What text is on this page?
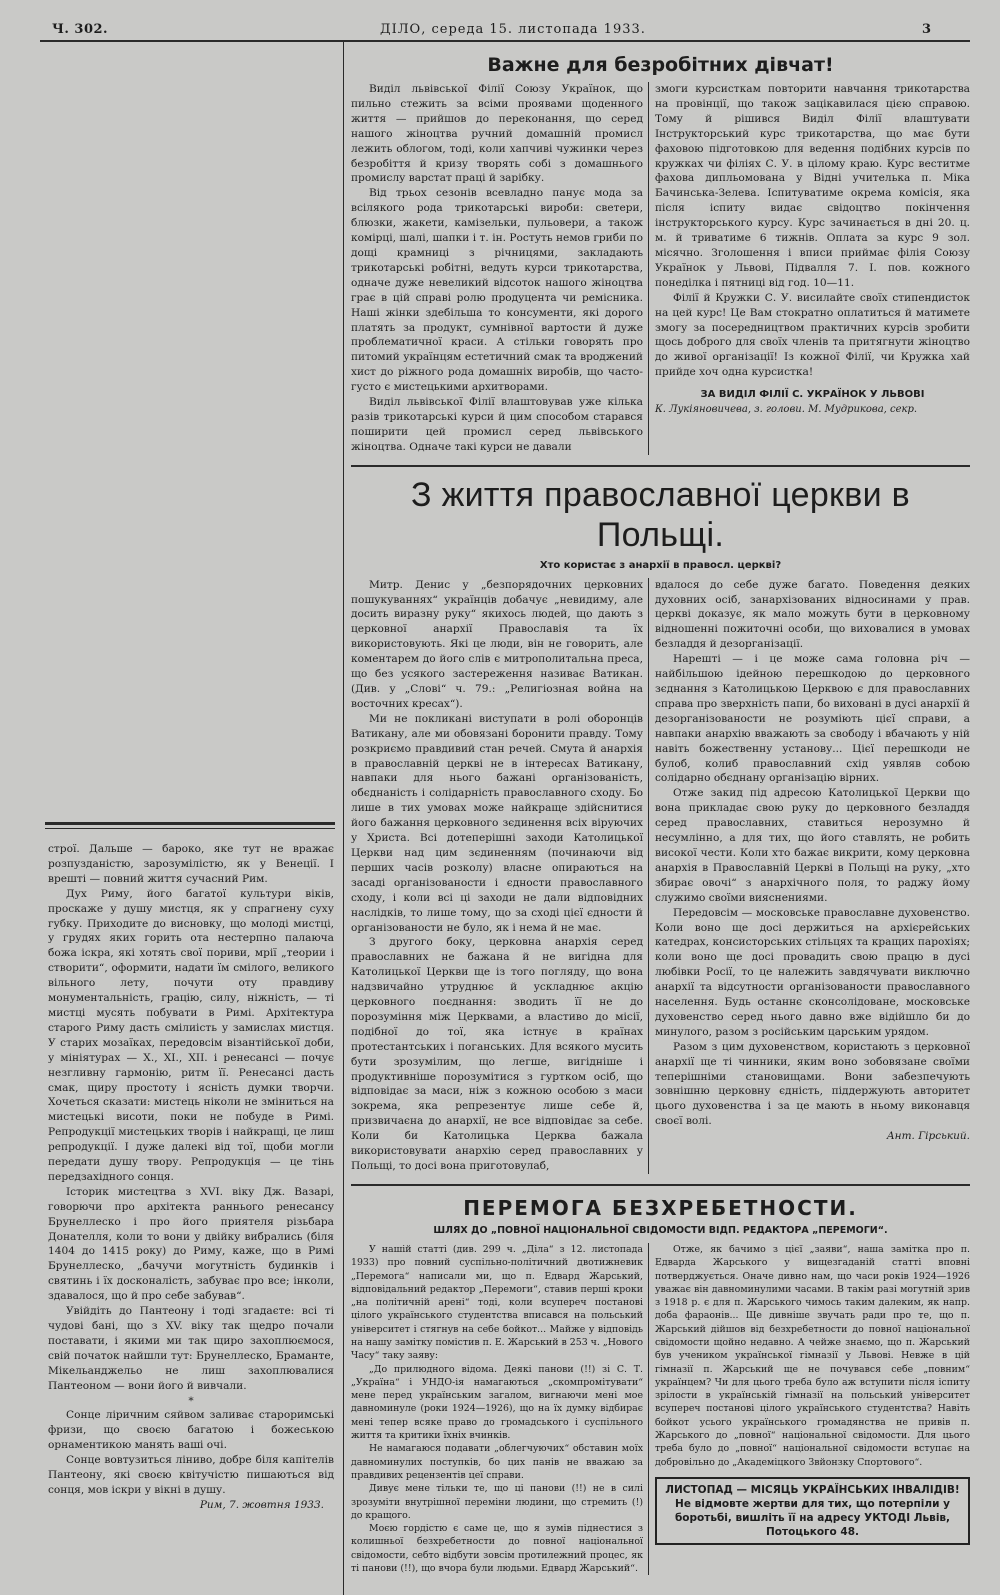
Ч. 302.	ДІЛО, середа 15. листопада 1933.	3

строї. Дальше — бароко, яке тут не вражає розпузданістю, зарозумілістю, як у Венеції. І врешті — повний життя сучасний Рим.

Дух Риму, його багатої культури віків, проскаже у душу мистця, як у спрагнену суху губку. Приходите до висновку, що молоді мистці, у грудях яких горить ота нестерпно палаюча божа іскра, які хотять свої пориви, мрії „теории і створити“, оформити, надати їм смілого, великого вільного лету, почути оту правдиву монументальність, грацію, силу, ніжність, — ті мистці мусять побувати в Римі. Архітектура старого Риму дасть смілиість у замислах мистця. У старих мозаїках, передовсім візантійської доби, у мініятурах — X., XI., XII. і ренесансі — почує незгливну гармонію, ритм її. Ренесансі дасть смак, щиру простоту і ясність думки творчи. Хочеться сказати: мистець ніколи не зміниться на мистецькі висоти, поки не побуде в Римі. Репродукції мистецьких творів і найкращі, це лиш репродукції. І дуже далекі від тої, щоби могли передати душу твору. Репродукція — це тінь передзахідного сонця.

Історик мистецтва з XVI. віку Дж. Вазарі, говорючи про архітекта раннього ренесансу Брунеллеско і про його приятеля різьбара Донателля, коли то вони у двійку вибрались (біля 1404 до 1415 року) до Риму, каже, що в Римі Брунеллеско, „бачучи могутність будинків і святинь і їх досконалість, забуває про все; інколи, здавалося, що й про себе забував“.

Увійдіть до Пантеону і тоді згадаєте: всі ті чудові бані, що з XV. віку так щедро почали поставати, і якими ми так щиро захоплюємося, свій початок найшли тут: Брунеллеско, Браманте, Мікельанджельо не лиш захоплювалися Пантеоном — вони його й вивчали.

*

Сонце ліричним сяйвом заливає староримські фризи, що своєю багатою і божеською орнаментикою манять ваші очі.

Сонце вовтузиться ліниво, добре біля капітелів Пантеону, які своєю квітучістю пишаються від сонця, мов іскри у вікні в душу.

Рим, 7. жовтня 1933.
Важне для безробітних дівчат!

Виділ львівської Філії Союзу Українок, що пильно стежить за всіми проявами щоденного життя — прийшов до переконання, що серед нашого жіноцтва ручний домашній промисл лежить облогом, тоді, коли хапчиві чужинки через безробіття й кризу творять собі з домашнього промислу варстат праці й зарібку.

Від трьох сезонів всевладно панує мода за всілякого рода трикотарські вироби: светери, блюзки, жакети, камізельки, пульовери, а також комірці, шалі, шапки і т. ін. Ростуть немов гриби по дощі крамниці з річницями, закладають трикотарські робітні, ведуть курси трикотарства, одначе дуже невеликий відсоток нашого жіноцтва грає в цій справі ролю продуцента чи ремісника. Наші жінки здебільша то консументи, які дорого платять за продукт, сумнівної вартости й дуже проблематичної краси. А стільки говорять про питомий українцям естетичний смак та вроджений хист до ріжного рода домашніх виробів, що часто-густо є мистецькими архитворами.

Виділ львівської Філії влаштовував уже кілька разів трикотарські курси й цим способом старався поширити цей промисл серед львівського жіноцтва. Одначе такі курси не давали

змоги курсисткам повторити навчання трикотарства на провінції, що також зацікавилася цією справою. Тому й рішився Виділ Філії влаштувати Інструкторський курс трикотарства, що має бути фаховою підготовкою для ведення подібних курсів по кружках чи філіях С. У. в цілому краю. Курс веститме фахова дипльомована у Відні учителька п. Міка Бачинська-Зелева. Іспитуватиме окрема комісія, яка після іспиту видає свідоцтво покінчення інструкторського курсу. Курс зачинається в дні 20. ц. м. й триватиме 6 тижнів. Оплата за курс 9 зол. місячно. Зголошення і вписи приймає філія Союзу Українок у Львові, Підвалля 7. І. пов. кожного понеділка і пятниці від год. 10—11.

Філії й Кружки С. У. висилайте своїх стипендисток на цей курс! Це Вам стократно оплатиться й матимете змогу за посередництвом практичних курсів зробити щось доброго для своїх членів та притягнути жіноцтво до живої організації! Із кожної Філії, чи Кружка хай прийде хоч одна курсистка!

ЗА ВИДІЛ ФІЛІЇ С. УКРАЇНОК У ЛЬВОВІ
К. Лукіяновичева, з. голови. М. Мудрикова, секр.
З життя православної церкви в Польщі.
Хто користає з анархії в правосл. церкві?

Митр. Денис у „безпорядочних церковних пошукуваннях“ українців добачує „невидиму, але досить виразну руку“ якихось людей, що дають з церковної анархії Православія та їх використовують. Які це люди, він не говорить, але коментарем до його слів є митрополитальна преса, що без усякого застереження називає Ватикан. (Див. у „Слові“ ч. 79.: „Религіозная война на восточних кресах“).

Ми не покликані виступати в ролі оборонців Ватикану, але ми обовязані боронити правду. Тому розкриємо правдивий стан речей. Смута й анархія в православній церкві не в інтересах Ватикану, навпаки для нього бажані організованість, обєднаність і солідарність православного сходу. Бо лише в тих умовах може найкраще здійснитися його бажання церковного зєдинення всіх віруючих у Христа. Всі дотеперішні заходи Католицької Церкви над цим зєдиненням (починаючи від перших часів розколу) власне опираються на засаді організованости і єдности православного сходу, і коли всі ці заходи не дали відповідних наслідків, то лише тому, що за сході цієї єдности й організованости не було, як і нема й не має.

З другого боку, церковна анархія серед православних не бажана й не вигідна для Католицької Церкви ще із того погляду, що вона надзвичайно утруднює й ускладнює акцію церковного поєднання: зводить її не до порозуміння між Церквами, а властиво до місії, подібної до тої, яка істнує в країнах протестантських і поганських. Для всякого мусить бути зрозумілим, що легше, вигідніше і продуктивніше порозумітися з гуртком осіб, що відповідає за маси, ніж з кожною особою з маси зокрема, яка репрезентує лише себе й, призвичаєна до анархії, не все відповідає за себе. Коли би Католицька Церква бажала використовувати анархію серед православних у Польщі, то досі вона приготовулаб,

вдалося до себе дуже багато. Поведення деяких духовних осіб, занархізованих відносинами у прав. церкві доказує, як мало можуть бути в церковному відношенні пожиточні особи, що виховалися в умовах безладдя й дезорганізації.

Нарешті — і це може сама головна річ — найбільшою ідейною перешкодою до церковного зєднання з Католицькою Церквою є для православних справа про зверхність папи, бо виховані в дусі анархії й дезорганізованости не розуміють цієї справи, а навпаки анархію вважають за свободу і вбачають у ній навіть божественну установу... Цієї перешкоди не булоб, колиб православний схід уявляв собою солідарно обєднану організацію вірних.

Отже закид під адресою Католицької Церкви що вона прикладає свою руку до церковного безладдя серед православних, ставиться нерозумно й несумлінно, а для тих, що його ставлять, не робить високої чести. Коли хто бажає викрити, кому церковна анархія в Православній Церкві в Польщі на руку, „хто збирає овочі“ з анархічного поля, то раджу йому служимо своїми вияснениями.

Передовсім — московське православне духовенство. Коли воно ще досі держиться на архієрейських катедрах, консисторських стільцях та кращих парохіях; коли воно ще досі провадить свою працю в дусі любівки Росії, то це належить завдячувати виключно анархії та відсутности організованости православного населення. Будь останнє сконсолідоване, московське духовенство серед нього давно вже відійшло би до минулого, разом з російським царським урядом.

Разом з цим духовенством, користають з церковної анархії ще ті чинники, яким воно зобовязане своїми теперішніми становищами. Вони забезпечують зовнішню церковну єдність, піддержують авторитет цього духовенства і за це мають в ньому виконавця своєї волі.

Ант. Гірський.
ПЕРЕМОГА БЕЗХРЕБЕТНОСТИ.
ШЛЯХ ДО „ПОВНОЇ НАЦІОНАЛЬНОЇ СВІДОМОСТИ ВІДП. РЕДАКТОРА „ПЕРЕМОГИ“.

У нашій статті (див. 299 ч. „Діла“ з 12. листопада 1933) про повний суспільно-політичний двотижневик „Перемога“ написали ми, що п. Едвард Жарський, відповідальний редактор „Перемоги“, ставив перші кроки „на політичній арені“ тоді, коли всупереч постанові цілого українського студентства вписався на польський університет і стягнув на себе бойкот... Майже у відповідь на нашу замітку помістив п. Е. Жарський в 253 ч. „Нового Часу“ таку заяву:

„До прилюдного відома. Деякі панови (!!) зі С. Т. „Україна“ і УНДО-ія намагаються „скомпромітувати“ мене перед українським загалом, вигнаючи мені мое давноминуле (роки 1924—1926), що на їх думку відбирає мені тепер всяке право до громадського і суспільного життя та критики їхніх вчинків.

Не намагаюся подавати „облегчуючих“ обставин моїх давноминулих поступків, бо цих панів не вважаю за правдивих рецензентів цеї справи.

Дивує мене тільки те, що ці панови (!!) не в силі зрозуміти внутрішної переміни людини, що стремить (!) до кращого.

Моєю гордістю є саме це, що я зумів піднестися з колишньої безхребетности до повної національної свідомости, себто відбути зовсім протилежний процес, як ті панови (!!), що вчора були людьми. Едвард Жарський“.

Отже, як бачимо з цієї „заяви“, наша замітка про п. Едварда Жарського у вищезгаданій статті вповні потверджується. Оначе дивно нам, що часи років 1924—1926 уважає він давноминулими часами. В такім разі могутній зрив з 1918 р. є для п. Жарського чимось таким далеким, як напр. доба фараонів... Ще дивніше звучать ради про те, що п. Жарський дійшов від безхребетности до повної національної свідомости щойно недавно. А чейже знаємо, що п. Жарський був учеником української гімназії у Львові. Невже в цій гімназії п. Жарський ще не почувався себе „повним“ українцем? Чи для цього треба було аж вступити після іспиту зрілости в українській гімназії на польський університет всупереч постанові цілого українського студентства? Навіть бойкот усього українського громадянства не привів п. Жарського до „повної“ національної свідомости. Для цього треба було до „повної“ національної свідомости вступає на добровільно до „Академіцкого Звйонзку Спортового“.

ЛИСТОПАД — МІСЯЦЬ УКРАЇНСЬКИХ ІНВАЛІДІВ! Не відмовте жертви для тих, що потерпіли у боротьбі, вишліть її на адресу УКТОДІ Львів, Потоцького 48.
